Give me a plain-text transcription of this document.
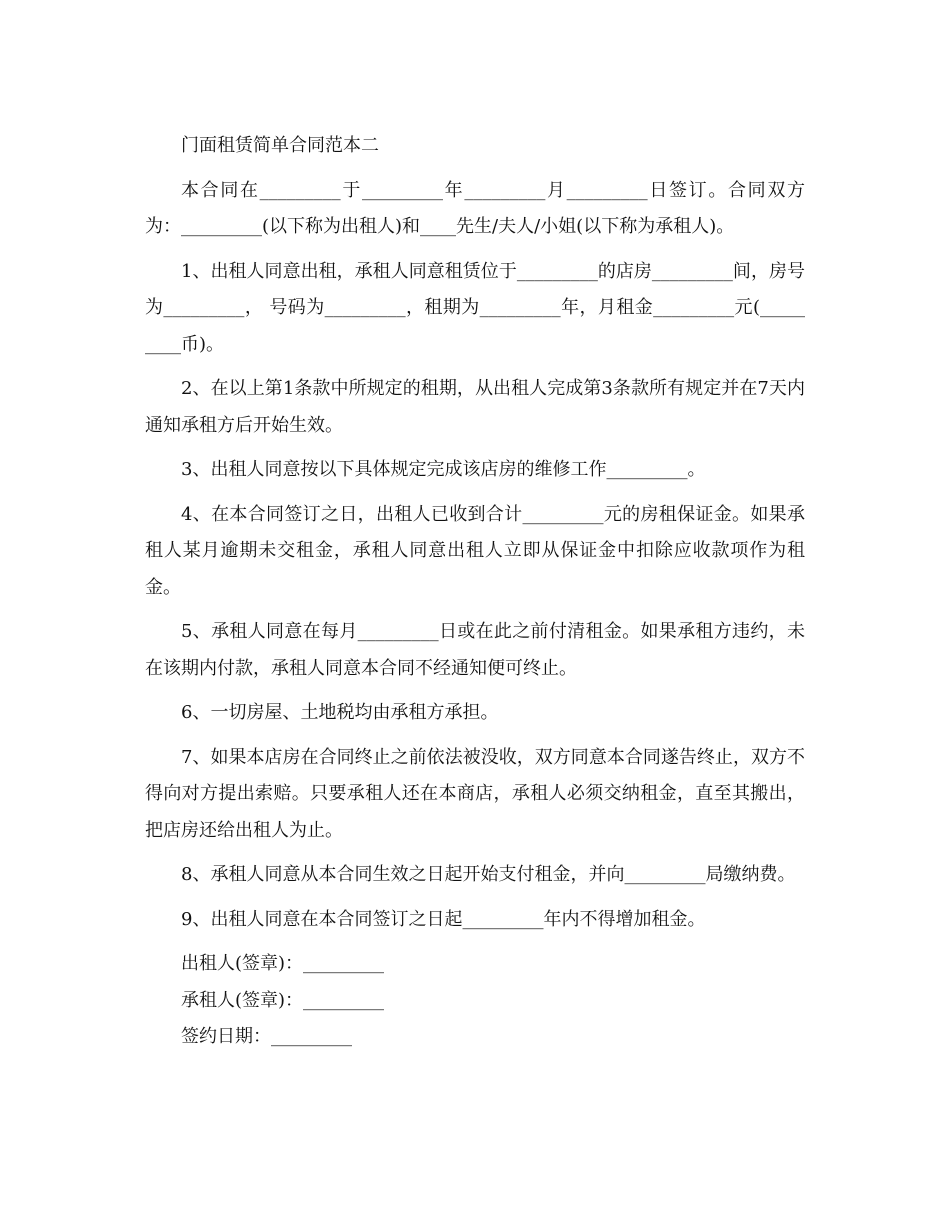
门面租赁简单合同范本二

本合同在_________于_________年_________月_________日签订。合同双方为：_________(以下称为出租人)和____先生/夫人/小姐(以下称为承租人)。

1、出租人同意出租，承租人同意租赁位于_________的店房_________间，房号为_________， 号码为_________，租期为_________年，月租金_________元(_________币)。

2、在以上第1条款中所规定的租期，从出租人完成第3条款所有规定并在7天内通知承租方后开始生效。

3、出租人同意按以下具体规定完成该店房的维修工作_________。

4、在本合同签订之日，出租人已收到合计_________元的房租保证金。如果承租人某月逾期未交租金，承租人同意出租人立即从保证金中扣除应收款项作为租金。

5、承租人同意在每月_________日或在此之前付清租金。如果承租方违约，未在该期内付款，承租人同意本合同不经通知便可终止。

6、一切房屋、土地税均由承租方承担。

7、如果本店房在合同终止之前依法被没收，双方同意本合同遂告终止，双方不得向对方提出索赔。只要承租人还在本商店，承租人必须交纳租金，直至其搬出，把店房还给出租人为止。

8、承租人同意从本合同生效之日起开始支付租金，并向_________局缴纳费。

9、出租人同意在本合同签订之日起_________年内不得增加租金。

出租人(签章)：_________

承租人(签章)：_________

签约日期：_________
